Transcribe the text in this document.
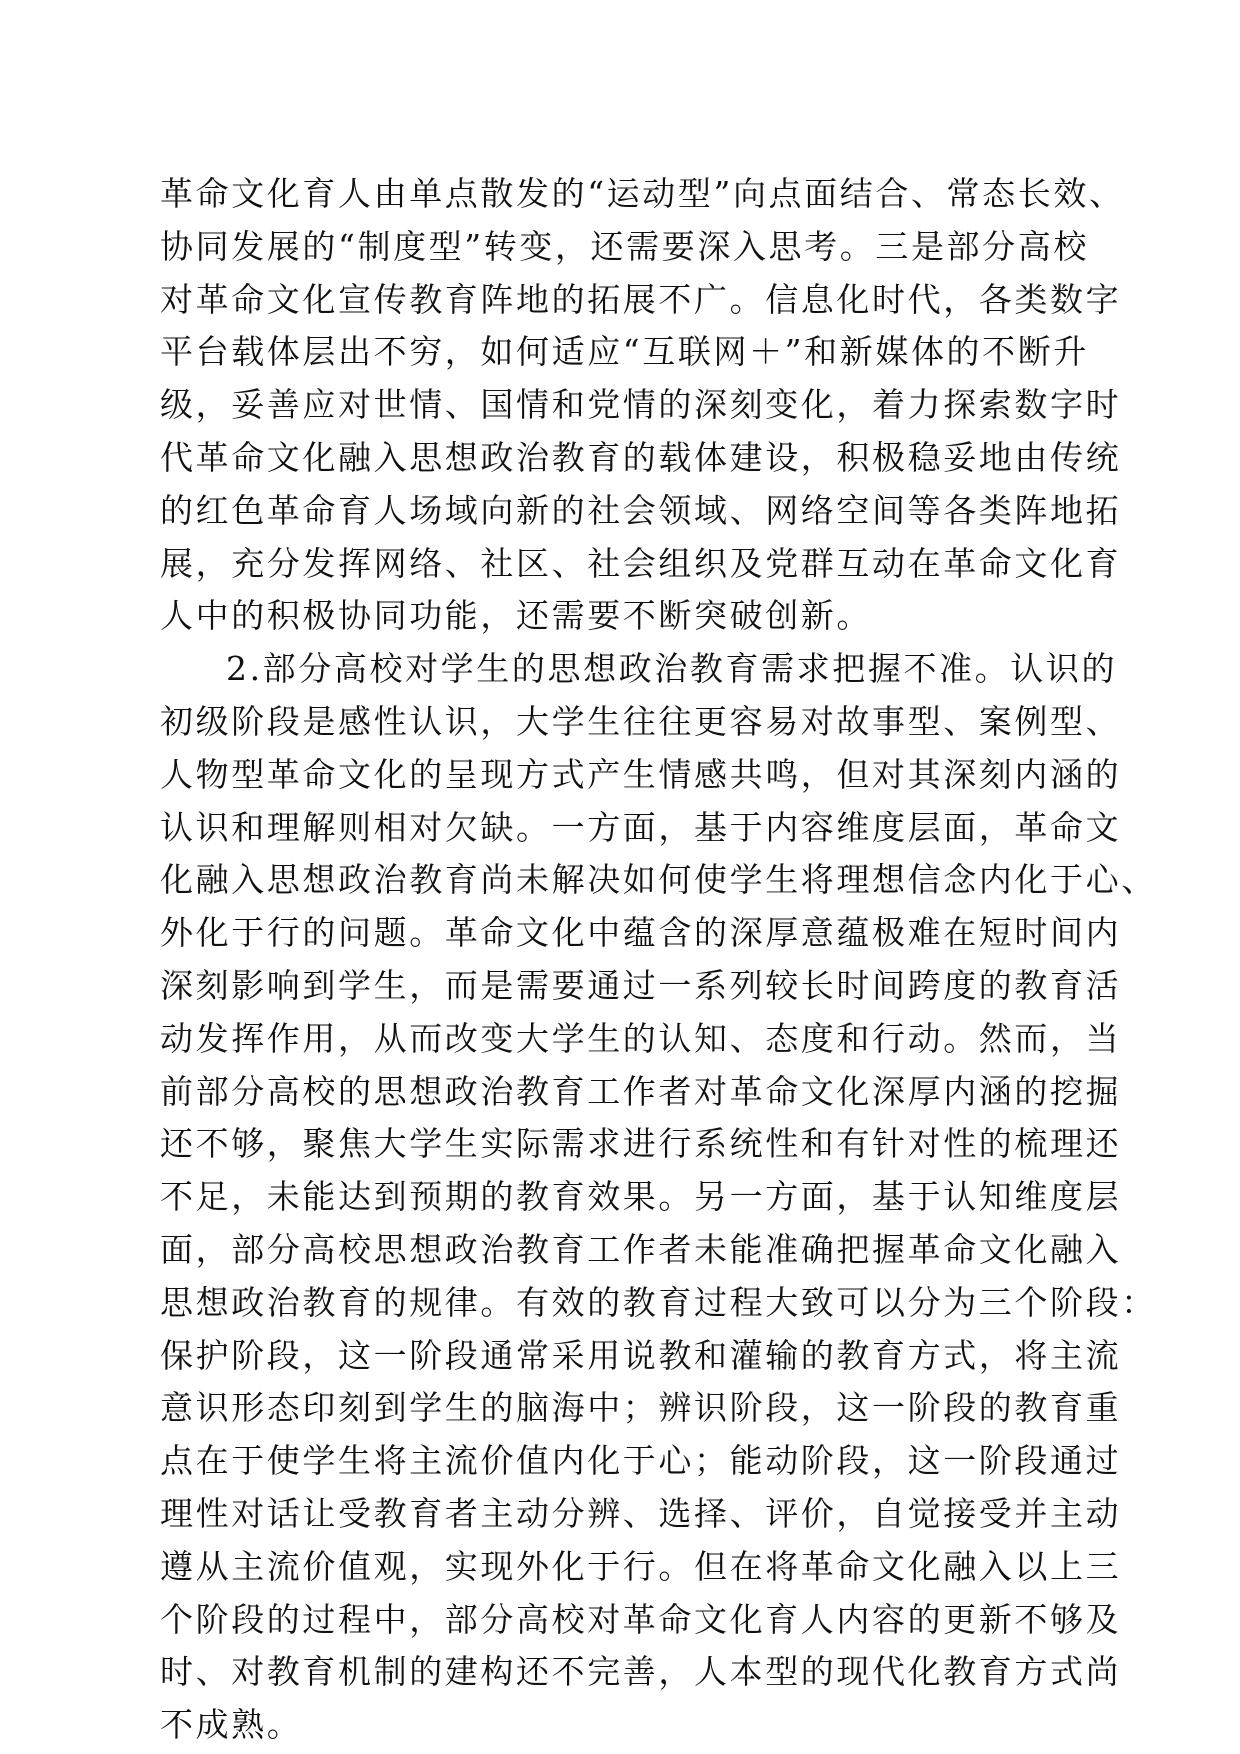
革命文化育人由单点散发的“运动型”向点面结合、常态长效、
协同发展的“制度型”转变，还需要深入思考。三是部分高校
对革命文化宣传教育阵地的拓展不广。信息化时代，各类数字
平台载体层出不穷，如何适应“互联网＋”和新媒体的不断升
级，妥善应对世情、国情和党情的深刻变化，着力探索数字时
代革命文化融入思想政治教育的载体建设，积极稳妥地由传统
的红色革命育人场域向新的社会领域、网络空间等各类阵地拓
展，充分发挥网络、社区、社会组织及党群互动在革命文化育
人中的积极协同功能，还需要不断突破创新。
2.部分高校对学生的思想政治教育需求把握不准。认识的
初级阶段是感性认识，大学生往往更容易对故事型、案例型、
人物型革命文化的呈现方式产生情感共鸣，但对其深刻内涵的
认识和理解则相对欠缺。一方面，基于内容维度层面，革命文
化融入思想政治教育尚未解决如何使学生将理想信念内化于心、
外化于行的问题。革命文化中蕴含的深厚意蕴极难在短时间内
深刻影响到学生，而是需要通过一系列较长时间跨度的教育活
动发挥作用，从而改变大学生的认知、态度和行动。然而，当
前部分高校的思想政治教育工作者对革命文化深厚内涵的挖掘
还不够，聚焦大学生实际需求进行系统性和有针对性的梳理还
不足，未能达到预期的教育效果。另一方面，基于认知维度层
面，部分高校思想政治教育工作者未能准确把握革命文化融入
思想政治教育的规律。有效的教育过程大致可以分为三个阶段：
保护阶段，这一阶段通常采用说教和灌输的教育方式，将主流
意识形态印刻到学生的脑海中；辨识阶段，这一阶段的教育重
点在于使学生将主流价值内化于心；能动阶段，这一阶段通过
理性对话让受教育者主动分辨、选择、评价，自觉接受并主动
遵从主流价值观，实现外化于行。但在将革命文化融入以上三
个阶段的过程中，部分高校对革命文化育人内容的更新不够及
时、对教育机制的建构还不完善，人本型的现代化教育方式尚
不成熟。
